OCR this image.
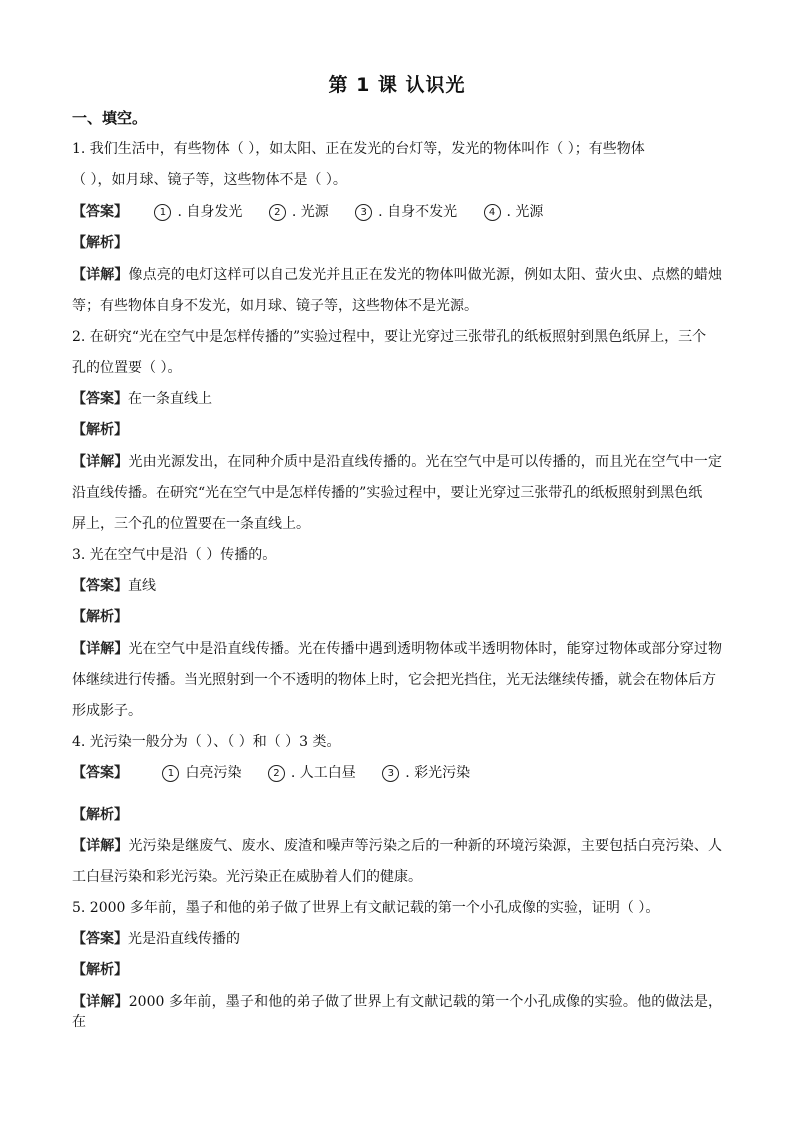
第 1 课 认识光
一、填空。
1. 我们生活中，有些物体（ ），如太阳、正在发光的台灯等，发光的物体叫作（ ）；有些物体
（ ），如月球、镜子等，这些物体不是（ ）。
【答案】	1 . 自身发光	2 . 光源	3 . 自身不发光	4 . 光源
【解析】
【详解】像点亮的电灯这样可以自己发光并且正在发光的物体叫做光源，例如太阳、萤火虫、点燃的蜡烛
等；有些物体自身不发光，如月球、镜子等，这些物体不是光源。
2. 在研究“光在空气中是怎样传播的”实验过程中，要让光穿过三张带孔的纸板照射到黑色纸屏上，三个
孔的位置要（ ）。
【答案】在一条直线上
【解析】
【详解】光由光源发出，在同种介质中是沿直线传播的。光在空气中是可以传播的，而且光在空气中一定
沿直线传播。在研究“光在空气中是怎样传播的”实验过程中，要让光穿过三张带孔的纸板照射到黑色纸
屏上，三个孔的位置要在一条直线上。
3. 光在空气中是沿（ ）传播的。
【答案】直线
【解析】
【详解】光在空气中是沿直线传播。光在传播中遇到透明物体或半透明物体时，能穿过物体或部分穿过物
体继续进行传播。当光照射到一个不透明的物体上时，它会把光挡住，光无法继续传播，就会在物体后方
形成影子。
4. 光污染一般分为（ ）、（ ）和（ ）3 类。
【答案】	1 白亮污染	2 . 人工白昼	3 . 彩光污染
【解析】
【详解】光污染是继废气、废水、废渣和噪声等污染之后的一种新的环境污染源，主要包括白亮污染、人
工白昼污染和彩光污染。光污染正在威胁着人们的健康。
5. 2000 多年前，墨子和他的弟子做了世界上有文献记载的第一个小孔成像的实验，证明（ ）。
【答案】光是沿直线传播的
【解析】
【详解】2000 多年前，墨子和他的弟子做了世界上有文献记载的第一个小孔成像的实验。他的做法是，在
